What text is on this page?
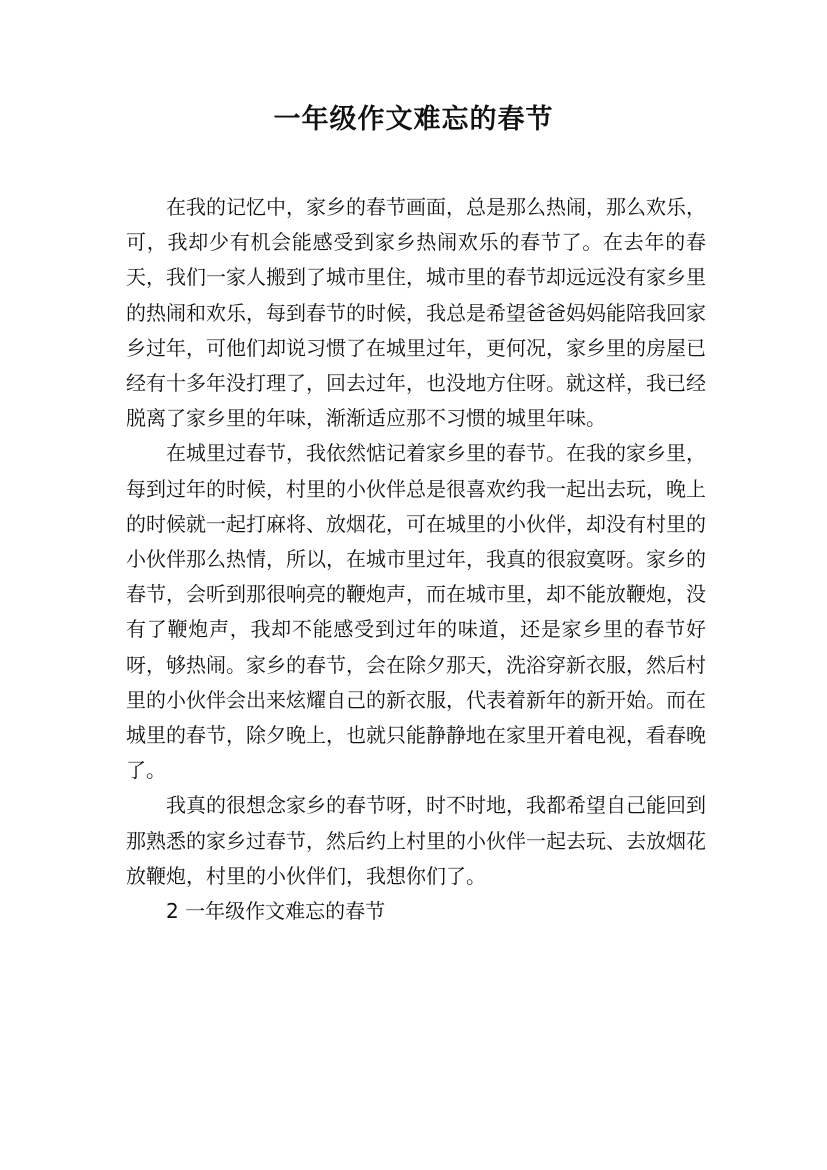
一年级作文难忘的春节

在我的记忆中，家乡的春节画面，总是那么热闹，那么欢乐，可，我却少有机会能感受到家乡热闹欢乐的春节了。在去年的春天，我们一家人搬到了城市里住，城市里的春节却远远没有家乡里的热闹和欢乐，每到春节的时候，我总是希望爸爸妈妈能陪我回家乡过年，可他们却说习惯了在城里过年，更何况，家乡里的房屋已经有十多年没打理了，回去过年，也没地方住呀。就这样，我已经脱离了家乡里的年味，渐渐适应那不习惯的城里年味。

在城里过春节，我依然惦记着家乡里的春节。在我的家乡里，每到过年的时候，村里的小伙伴总是很喜欢约我一起出去玩，晚上的时候就一起打麻将、放烟花，可在城里的小伙伴，却没有村里的小伙伴那么热情，所以，在城市里过年，我真的很寂寞呀。家乡的春节，会听到那很响亮的鞭炮声，而在城市里，却不能放鞭炮，没有了鞭炮声，我却不能感受到过年的味道，还是家乡里的春节好呀，够热闹。家乡的春节，会在除夕那天，洗浴穿新衣服，然后村里的小伙伴会出来炫耀自己的新衣服，代表着新年的新开始。而在城里的春节，除夕晚上，也就只能静静地在家里开着电视，看春晚了。

我真的很想念家乡的春节呀，时不时地，我都希望自己能回到那熟悉的家乡过春节，然后约上村里的小伙伴一起去玩、去放烟花放鞭炮，村里的小伙伴们，我想你们了。

2 一年级作文难忘的春节
